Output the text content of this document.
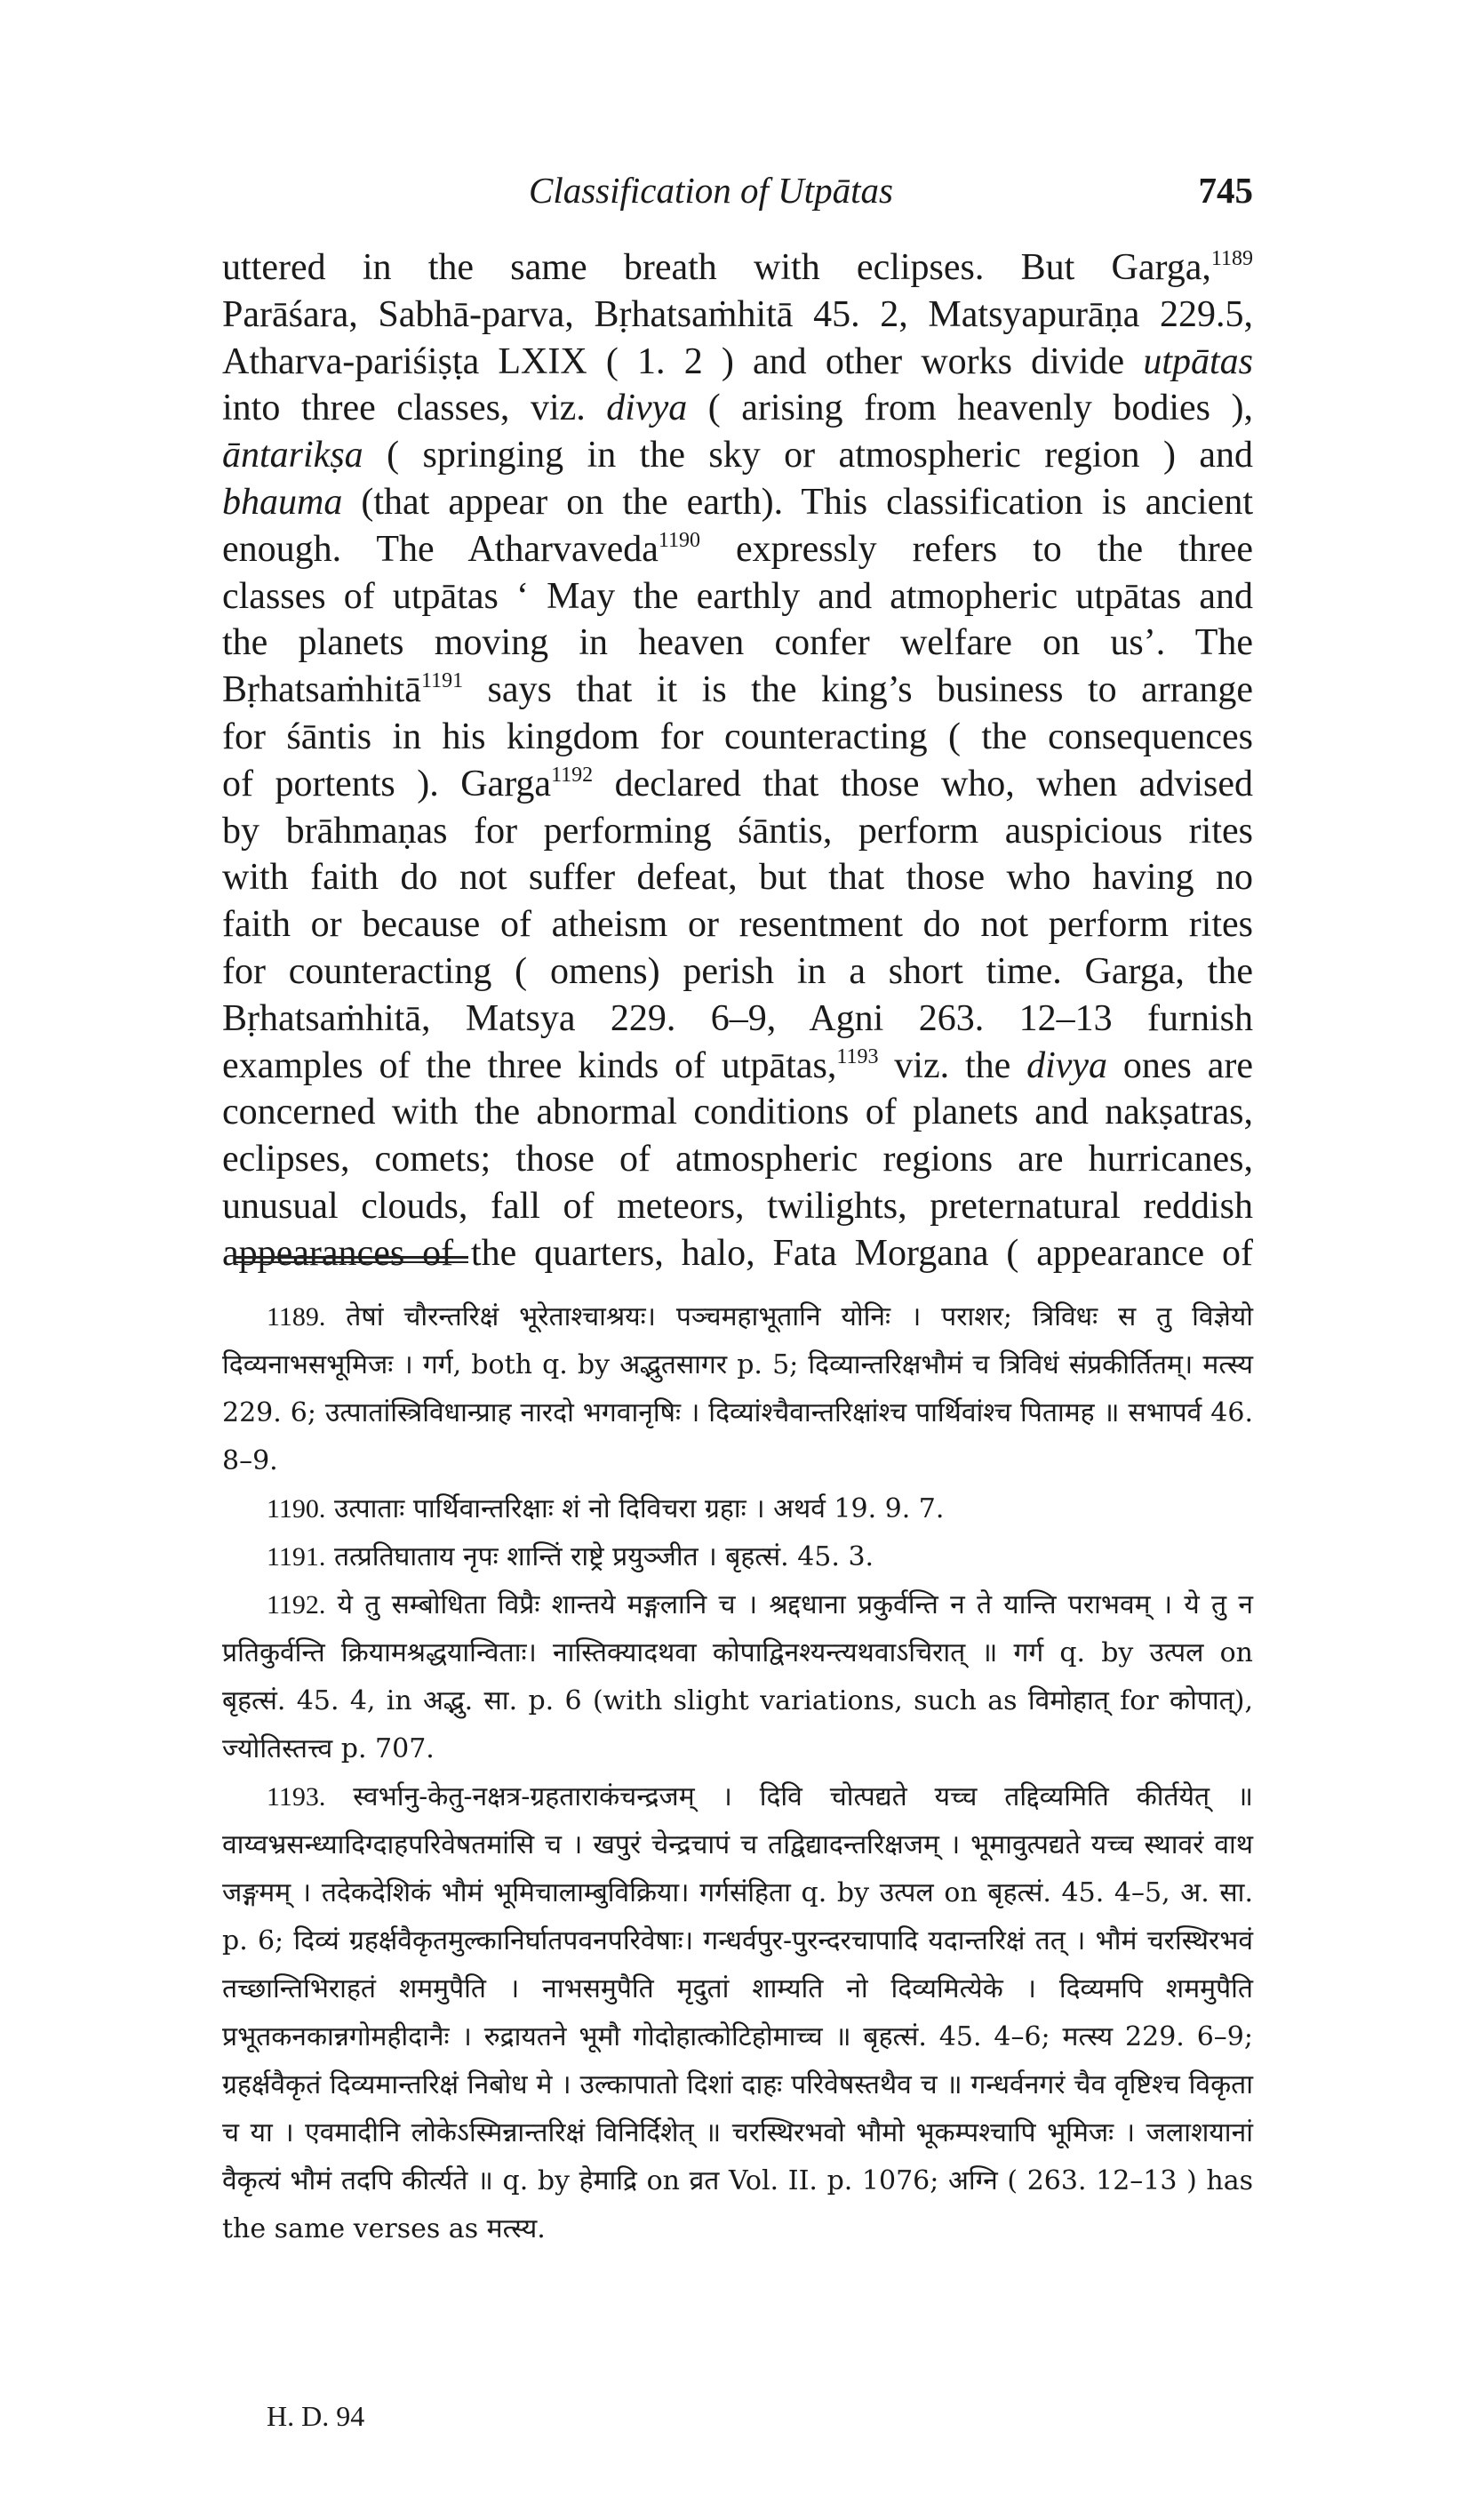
Classification of Utpātas	745
uttered in the same breath with eclipses. But Garga,$^{1189}$
Parāśara, Sabhā-parva, Bṛhatsaṁhitā 45. 2, Matsyapurāṇa 229.5,
Atharva-pariśiṣṭa LXIX ( 1. 2 ) and other works divide utpātas
into three classes, viz. divya ( arising from heavenly bodies ),
āntarikṣa ( springing in the sky or atmospheric region ) and
bhauma (that appear on the earth). This classification is ancient
enough. The Atharvaveda$^{1190}$ expressly refers to the three
classes of utpātas ‘ May the earthly and atmopheric utpātas and
the planets moving in heaven confer welfare on us’. The
Bṛhatsaṁhitā$^{1191}$ says that it is the king’s business to arrange
for śāntis in his kingdom for counteracting ( the consequences
of portents ). Garga$^{1192}$ declared that those who, when advised
by brāhmaṇas for performing śāntis, perform auspicious rites
with faith do not suffer defeat, but that those who having no
faith or because of atheism or resentment do not perform rites
for counteracting ( omens) perish in a short time. Garga, the
Bṛhatsaṁhitā, Matsya 229. 6–9, Agni 263. 12–13 furnish
examples of the three kinds of utpātas,$^{1193}$ viz. the divya ones are
concerned with the abnormal conditions of planets and nakṣatras,
eclipses, comets; those of atmospheric regions are hurricanes,
unusual clouds, fall of meteors, twilights, preternatural reddish
appearances of the quarters, halo, Fata Morgana ( appearance of

1189. तेषां चौरन्तरिक्षं भूरेताश्चाश्रयः। पञ्चमहाभूतानि योनिः । पराशर; त्रिविधः स तु विज्ञेयो दिव्यनाभसभूमिजः । गर्ग, both q. by अद्भुतसागर p. 5; दिव्यान्तरिक्षभौमं च त्रिविधं संप्रकीर्तितम्। मत्स्य 229. 6; उत्पातांस्त्रिविधान्प्राह नारदो भगवानृषिः । दिव्यांश्चैवान्तरिक्षांश्च पार्थिवांश्च पितामह ॥ सभापर्व 46. 8–9.

1190. उत्पाताः पार्थिवान्तरिक्षाः शं नो दिविचरा ग्रहाः । अथर्व 19. 9. 7.

1191. तत्प्रतिघाताय नृपः शान्तिं राष्ट्रे प्रयुञ्जीत । बृहत्सं. 45. 3.

1192. ये तु सम्बोधिता विप्रैः शान्तये मङ्गलानि च । श्रद्दधाना प्रकुर्वन्ति न ते यान्ति पराभवम् । ये तु न प्रतिकुर्वन्ति क्रियामश्रद्धयान्विताः। नास्तिक्यादथवा कोपाद्विनश्यन्त्यथवाऽचिरात् ॥ गर्ग q. by उत्पल on बृहत्सं. 45. 4, in अद्भु. सा. p. 6 (with slight variations, such as विमोहात् for कोपात्), ज्योतिस्तत्त्व p. 707.

1193. स्वर्भानु-केतु-नक्षत्र-ग्रहताराकंचन्द्रजम् । दिवि चोत्पद्यते यच्च तद्दिव्यमिति कीर्तयेत् ॥ वाय्वभ्रसन्ध्यादिग्दाहपरिवेषतमांसि च । खपुरं चेन्द्रचापं च तद्विद्यादन्तरिक्षजम् । भूमावुत्पद्यते यच्च स्थावरं वाथ जङ्गमम् । तदेकदेशिकं भौमं भूमिचालाम्बुविक्रिया। गर्गसंहिता q. by उत्पल on बृहत्सं. 45. 4–5, अ. सा. p. 6; दिव्यं ग्रहर्क्षवैकृतमुल्कानिर्घातपवनपरिवेषाः। गन्धर्वपुर-पुरन्दरचापादि यदान्तरिक्षं तत् । भौमं चरस्थिरभवं तच्छान्तिभिराहतं शममुपैति । नाभसमुपैति मृदुतां शाम्यति नो दिव्यमित्येके । दिव्यमपि शममुपैति प्रभूतकनकान्नगोमहीदानैः । रुद्रायतने भूमौ गोदोहात्कोटिहोमाच्च ॥ बृहत्सं. 45. 4–6; मत्स्य 229. 6–9; ग्रहर्क्षवैकृतं दिव्यमान्तरिक्षं निबोध मे । उल्कापातो दिशां दाहः परिवेषस्तथैव च ॥ गन्धर्वनगरं चैव वृष्टिश्च विकृता च या । एवमादीनि लोकेऽस्मिन्नान्तरिक्षं विनिर्दिशेत् ॥ चरस्थिरभवो भौमो भूकम्पश्चापि भूमिजः । जलाशयानां वैकृत्यं भौमं तदपि कीर्त्यते ॥ q. by हेमाद्रि on व्रत Vol. II. p. 1076; अग्नि ( 263. 12–13 ) has the same verses as मत्स्य.

H. D. 94
